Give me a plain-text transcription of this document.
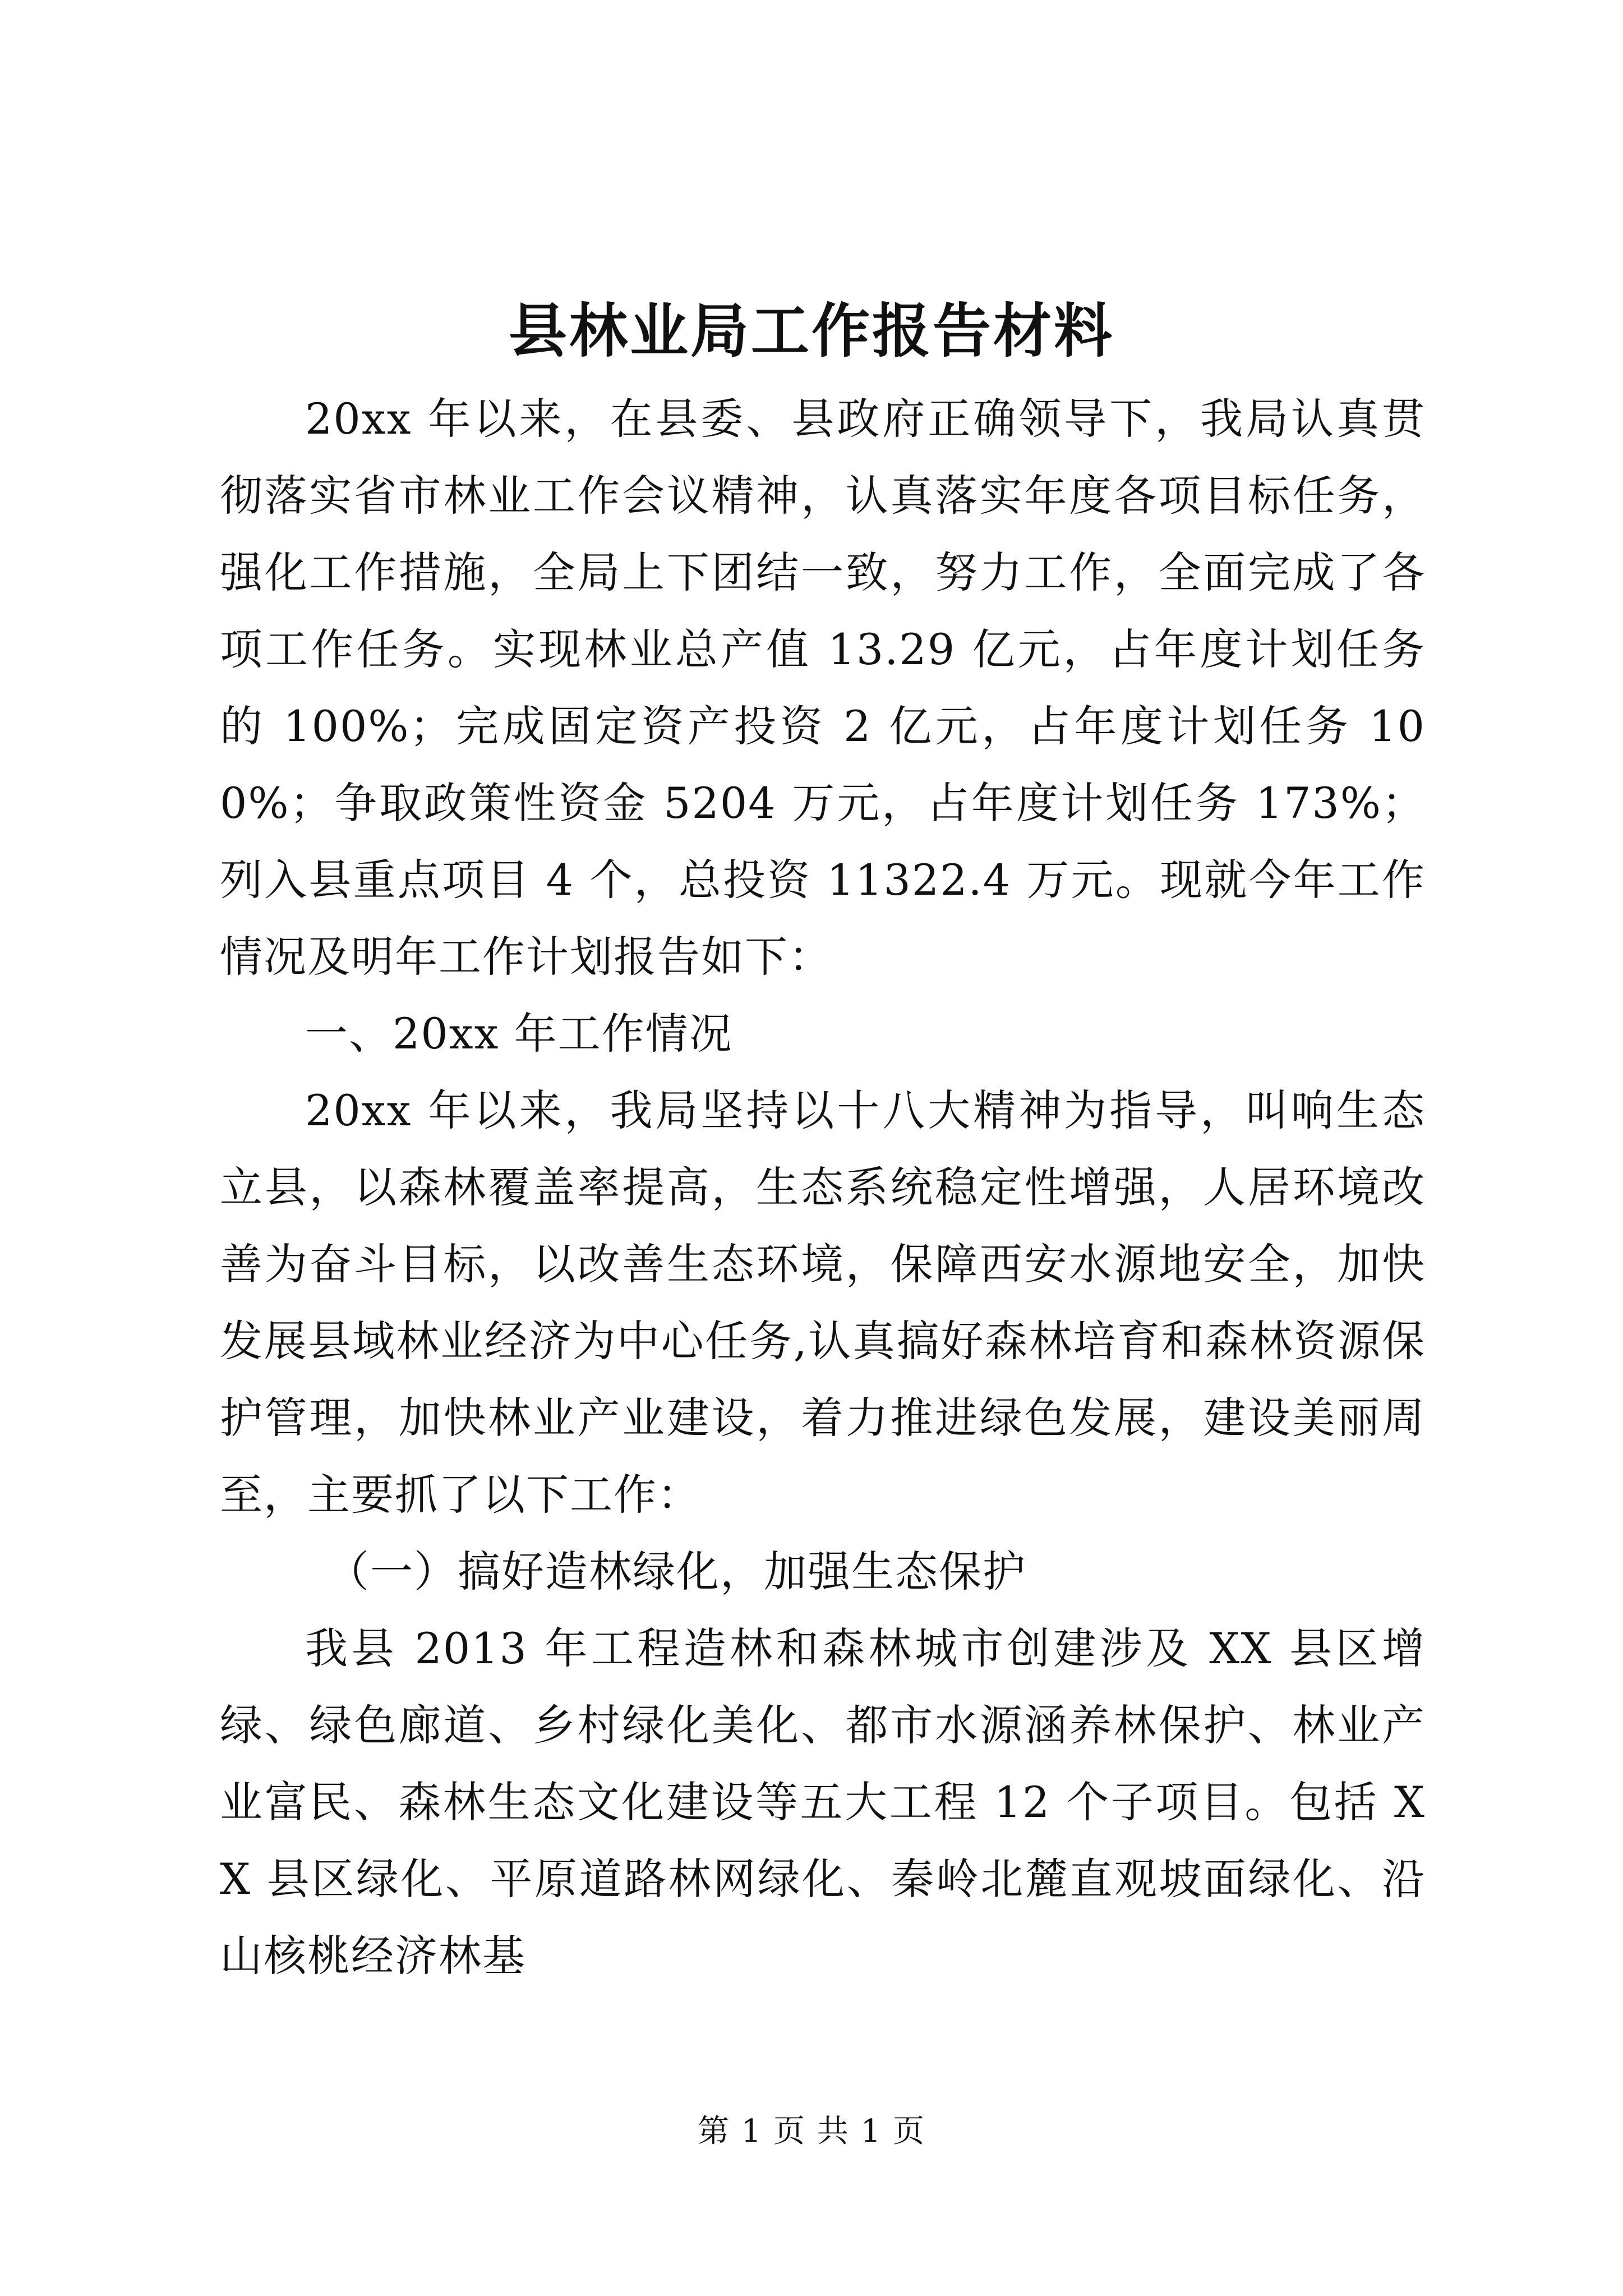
县林业局工作报告材料

20xx 年以来，在县委、县政府正确领导下，我局认真贯彻落实省市林业工作会议精神，认真落实年度各项目标任务，强化工作措施，全局上下团结一致，努力工作，全面完成了各项工作任务。实现林业总产值 13.29 亿元，占年度计划任务的 100%；完成固定资产投资 2 亿元，占年度计划任务 100%；争取政策性资金 5204 万元，占年度计划任务 173%；列入县重点项目 4 个，总投资 11322.4 万元。现就今年工作情况及明年工作计划报告如下：

一、20xx 年工作情况

20xx 年以来，我局坚持以十八大精神为指导，叫响生态立县，以森林覆盖率提高，生态系统稳定性增强，人居环境改善为奋斗目标，以改善生态环境，保障西安水源地安全，加快发展县域林业经济为中心任务,认真搞好森林培育和森林资源保护管理，加快林业产业建设，着力推进绿色发展，建设美丽周至，主要抓了以下工作：

（一）搞好造林绿化，加强生态保护

我县 2013 年工程造林和森林城市创建涉及 XX 县区增绿、绿色廊道、乡村绿化美化、都市水源涵养林保护、林业产业富民、森林生态文化建设等五大工程 12 个子项目。包括 XX 县区绿化、平原道路林网绿化、秦岭北麓直观坡面绿化、沿山核桃经济林基

第 1 页 共 1 页
